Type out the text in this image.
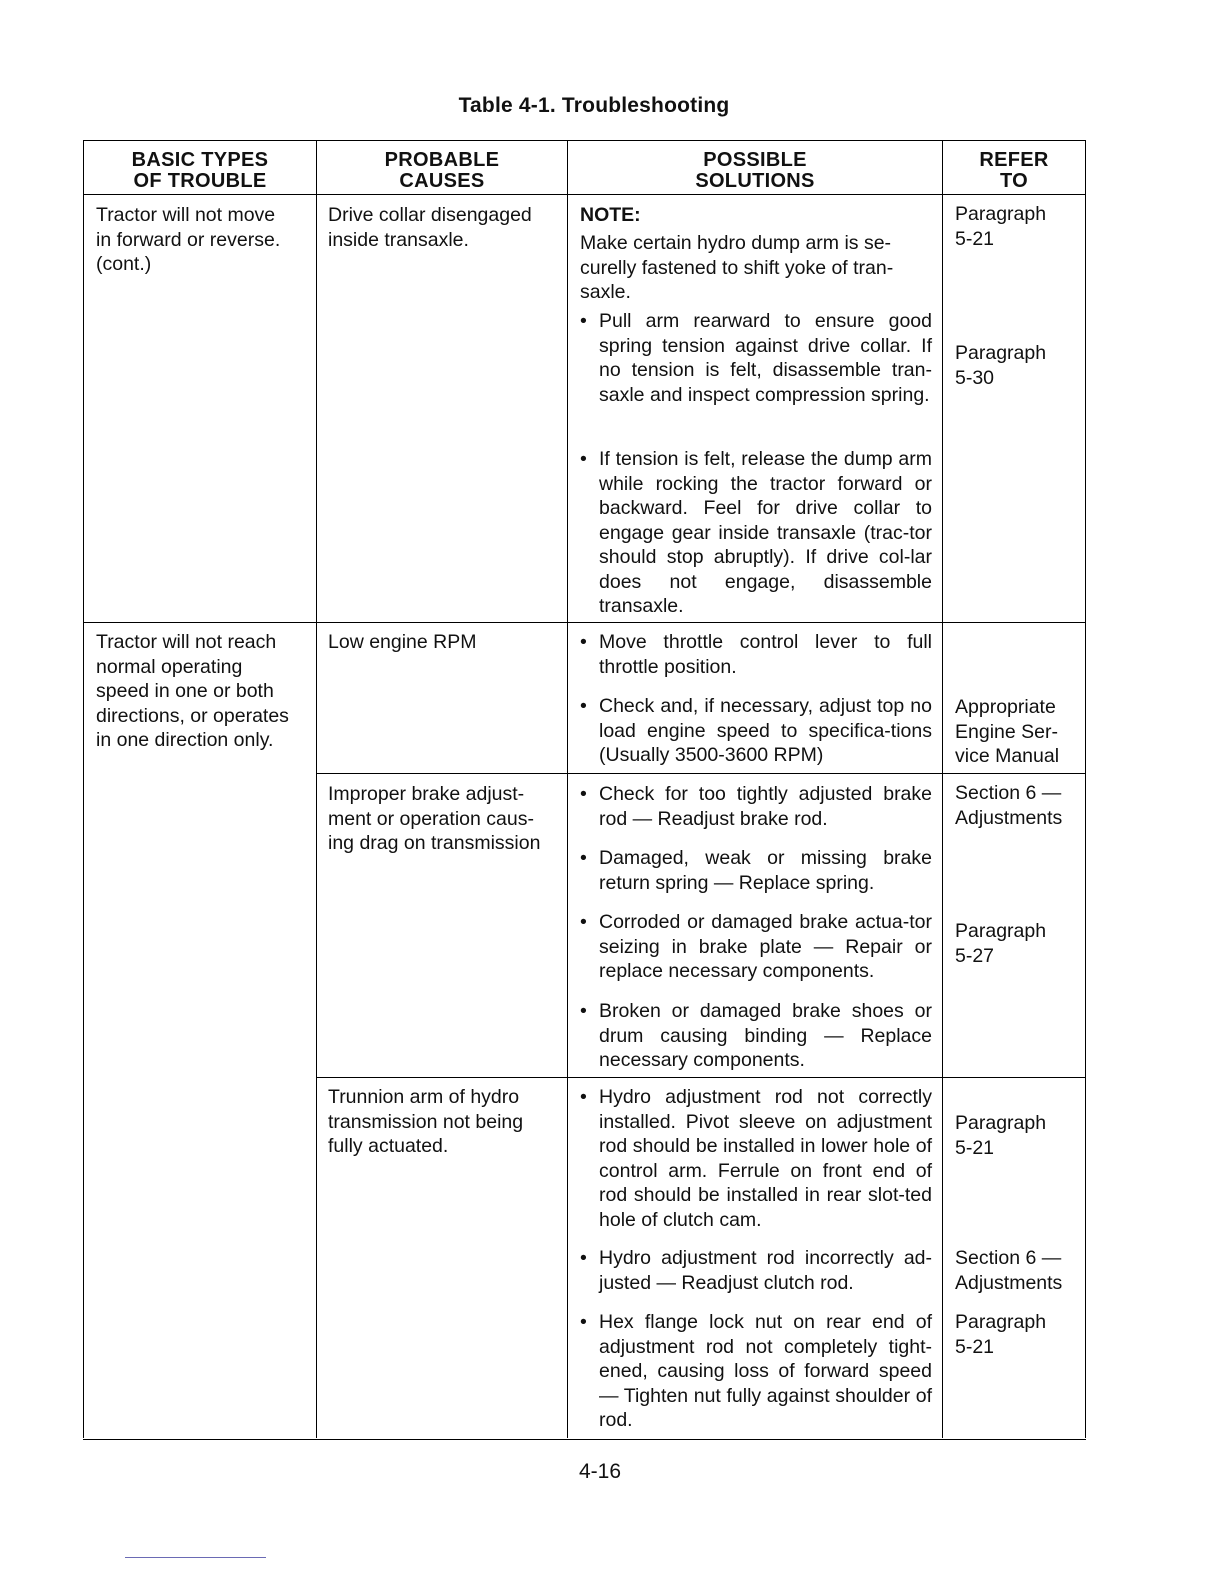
Table 4-1. Troubleshooting
BASIC TYPES
OF TROUBLE
PROBABLE
CAUSES
POSSIBLE
SOLUTIONS
REFER
TO
Tractor will not move
in forward or reverse.
(cont.)
Tractor will not reach
normal operating
speed in one or both
directions, or operates
in one direction only.
Drive collar disengaged
inside transaxle.
Low engine RPM
Improper brake adjust-
ment or operation caus-
ing drag on transmission
Trunnion arm of hydro
transmission not being
fully actuated.
NOTE:
Make certain hydro dump arm is se-
curelly fastened to shift yoke of tran-
saxle.
• Pull arm rearward to ensure good spring tension against drive collar. If no tension is felt, disassemble tran-saxle and inspect compression spring.
• If tension is felt, release the dump arm while rocking the tractor forward or backward. Feel for drive collar to engage gear inside transaxle (trac-tor should stop abruptly). If drive col-lar does not engage, disassemble transaxle.
• Move throttle control lever to full throttle position.
• Check and, if necessary, adjust top no load engine speed to specifica-tions (Usually 3500-3600 RPM)
• Check for too tightly adjusted brake rod — Readjust brake rod.
• Damaged, weak or missing brake return spring — Replace spring.
• Corroded or damaged brake actua-tor seizing in brake plate — Repair or replace necessary components.
• Broken or damaged brake shoes or drum causing binding — Replace necessary components.
• Hydro adjustment rod not correctly installed. Pivot sleeve on adjustment rod should be installed in lower hole of control arm. Ferrule on front end of rod should be installed in rear slot-ted hole of clutch cam.
• Hydro adjustment rod incorrectly ad-justed — Readjust clutch rod.
• Hex flange lock nut on rear end of adjustment rod not completely tight-ened, causing loss of forward speed — Tighten nut fully against shoulder of rod.
Paragraph
5-21
Paragraph
5-30
Appropriate
Engine Ser-
vice Manual
Section 6 —
Adjustments
Paragraph
5-27
Paragraph
5-21
Section 6 —
Adjustments
Paragraph
5-21
4-16
